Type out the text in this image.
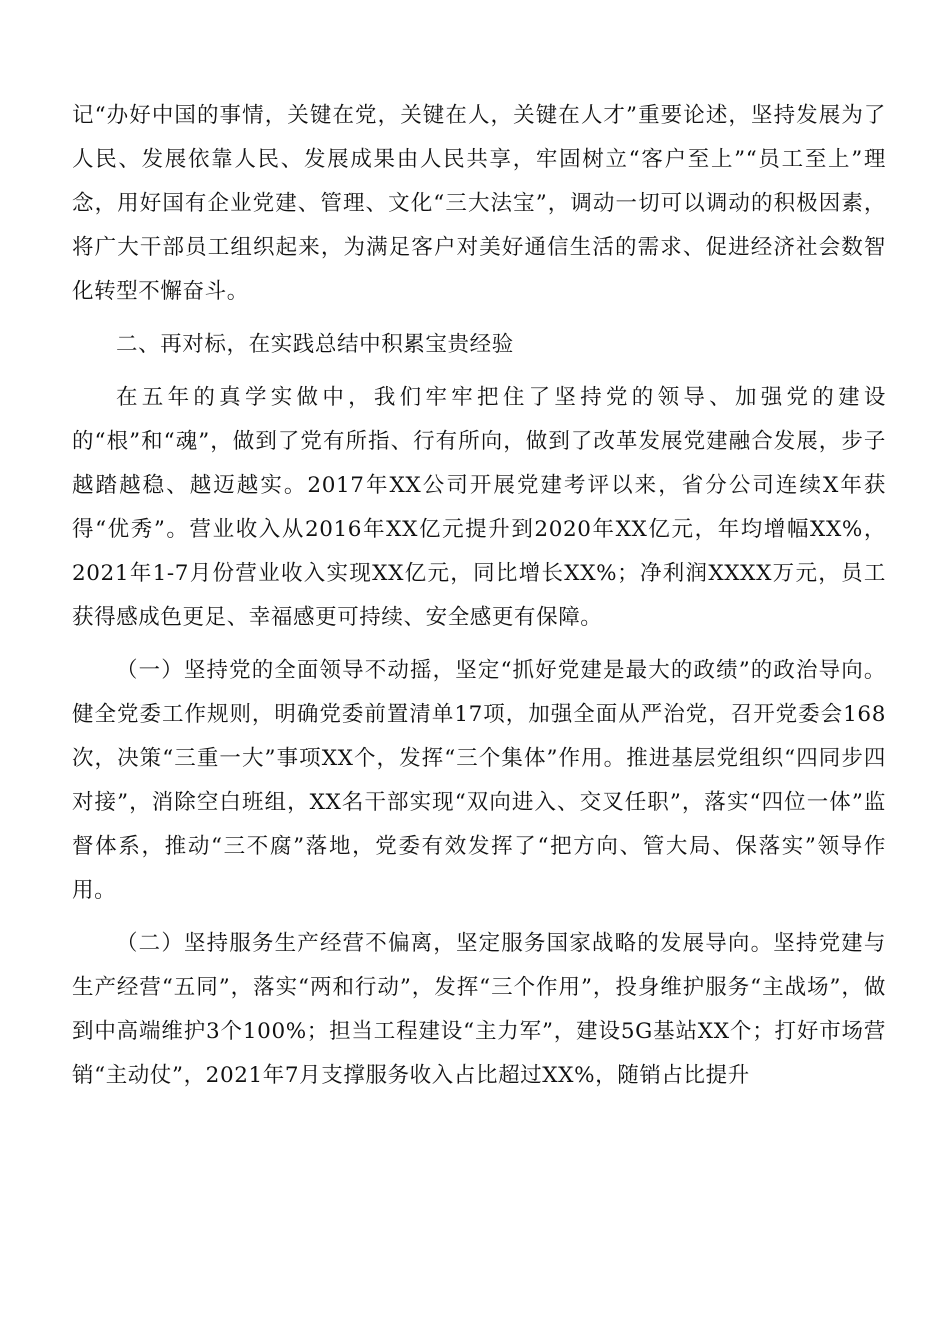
记“办好中国的事情，关键在党，关键在人，关键在人才”重要论述，坚持发展为了人民、发展依靠人民、发展成果由人民共享，牢固树立“客户至上”“员工至上”理念，用好国有企业党建、管理、文化“三大法宝”，调动一切可以调动的积极因素，将广大干部员工组织起来，为满足客户对美好通信生活的需求、促进经济社会数智化转型不懈奋斗。

二、再对标，在实践总结中积累宝贵经验

在五年的真学实做中，我们牢牢把住了坚持党的领导、加强党的建设的“根”和“魂”，做到了党有所指、行有所向，做到了改革发展党建融合发展，步子越踏越稳、越迈越实。2017年XX公司开展党建考评以来，省分公司连续X年获得“优秀”。营业收入从2016年XX亿元提升到2020年XX亿元，年均增幅XX%，2021年1-7月份营业收入实现XX亿元，同比增长XX%；净利润XXXX万元，员工获得感成色更足、幸福感更可持续、安全感更有保障。

（一）坚持党的全面领导不动摇，坚定“抓好党建是最大的政绩”的政治导向。健全党委工作规则，明确党委前置清单17项，加强全面从严治党，召开党委会168次，决策“三重一大”事项XX个，发挥“三个集体”作用。推进基层党组织“四同步四对接”，消除空白班组，XX名干部实现“双向进入、交叉任职”，落实“四位一体”监督体系，推动“三不腐”落地，党委有效发挥了“把方向、管大局、保落实”领导作用。

（二）坚持服务生产经营不偏离，坚定服务国家战略的发展导向。坚持党建与生产经营“五同”，落实“两和行动”，发挥“三个作用”，投身维护服务“主战场”，做到中高端维护3个100%；担当工程建设“主力军”，建设5G基站XX个；打好市场营销“主动仗”，2021年7月支撑服务收入占比超过XX%，随销占比提升
